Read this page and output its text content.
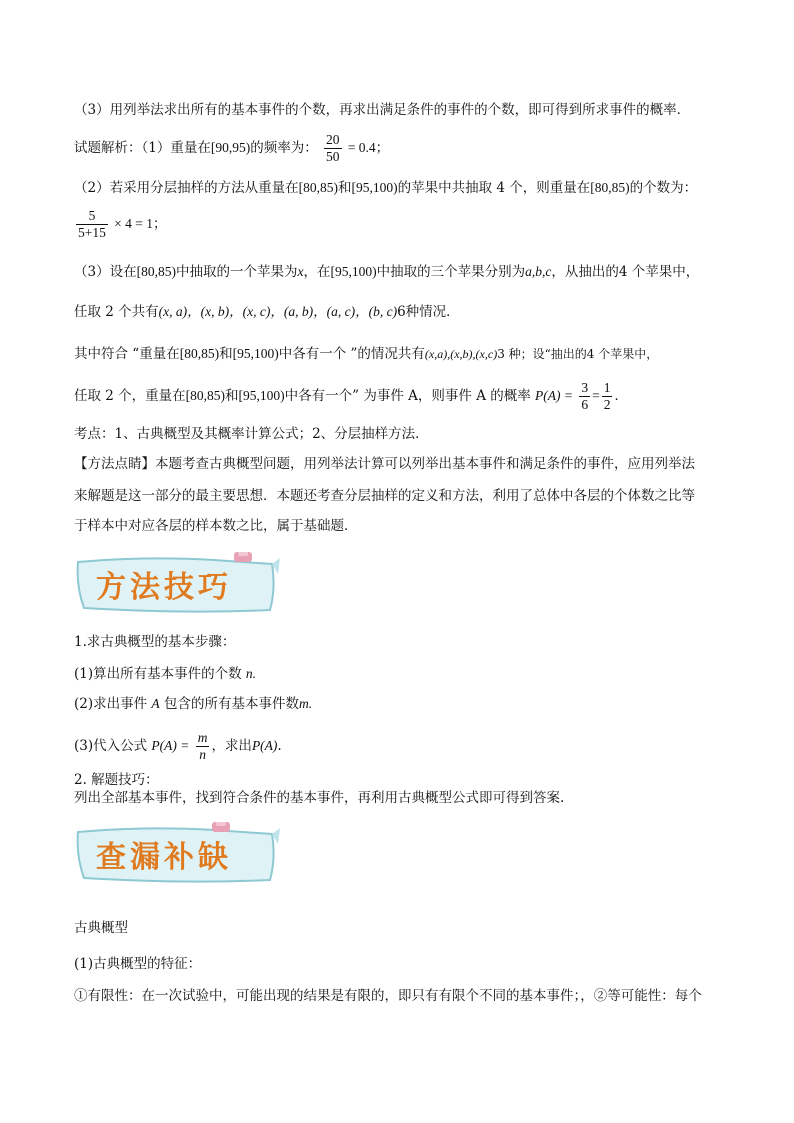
（3）用列举法求出所有的基本事件的个数，再求出满足条件的事件的个数，即可得到所求事件的概率．
试题解析：（1）重量在[90,95)的频率为： $\frac{20}{50} = 0.4$；
（2）若采用分层抽样的方法从重量在[80,85)和[95,100)的苹果中共抽取 4 个，则重量在[80,85)的个数为：
$\frac{5}{5+15} \times 4 = 1$；
（3）设在[80,85)中抽取的一个苹果为x，在[95,100)中抽取的三个苹果分别为a,b,c，从抽出的4 个苹果中，
任取 2 个共有(x, a)，(x, b)，(x, c)，(a, b)，(a, c)，(b, c)6种情况．
其中符合 “重量在[80,85)和[95,100)中各有一个 ”的情况共有(x,a),(x,b),(x,c)3 种；设“抽出的4 个苹果中，
任取 2 个，重量在[80,85)和[95,100)中各有一个” 为事件 A，则事件 A 的概率 $P(A) = \frac{3}{6} = \frac{1}{2}$ ．
考点：1、古典概型及其概率计算公式；2、分层抽样方法．
【方法点睛】本题考查古典概型问题，用列举法计算可以列举出基本事件和满足条件的事件，应用列举法
来解题是这一部分的最主要思想．本题还考查分层抽样的定义和方法，利用了总体中各层的个体数之比等
于样本中对应各层的样本数之比，属于基础题．
方法技巧
1.求古典概型的基本步骤：
(1)算出所有基本事件的个数 n.
(2)求出事件 A 包含的所有基本事件数m.
(3)代入公式 $P(A) = \frac{m}{n}$ ，求出P(A).
2. 解题技巧：
列出全部基本事件，找到符合条件的基本事件，再利用古典概型公式即可得到答案.
查漏补缺
古典概型
(1)古典概型的特征：
①有限性：在一次试验中，可能出现的结果是有限的，即只有有限个不同的基本事件；，②等可能性：每个
